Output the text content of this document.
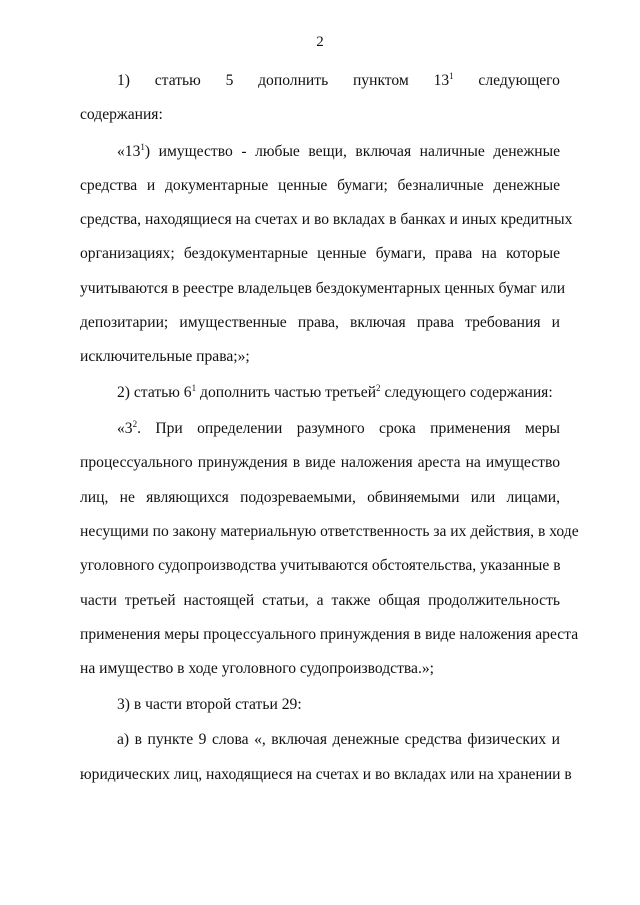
2
1) статью 5 дополнить пунктом $13^1$ следующего
содержания:
«$13^1$) имущество - любые вещи, включая наличные денежные
средства и документарные ценные бумаги; безналичные денежные
средства, находящиеся на счетах и во вкладах в банках и иных кредитных
организациях; бездокументарные ценные бумаги, права на которые
учитываются в реестре владельцев бездокументарных ценных бумаг или
депозитарии; имущественные права, включая права требования и
исключительные права;»;
2) статью $6^1$ дополнить частью третьей$^2$ следующего содержания:
«$3^2$. При определении разумного срока применения меры
процессуального принуждения в виде наложения ареста на имущество
лиц, не являющихся подозреваемыми, обвиняемыми или лицами,
несущими по закону материальную ответственность за их действия, в ходе
уголовного судопроизводства учитываются обстоятельства, указанные в
части третьей настоящей статьи, а также общая продолжительность
применения меры процессуального принуждения в виде наложения ареста
на имущество в ходе уголовного судопроизводства.»;
3) в части второй статьи 29:
а) в пункте 9 слова «, включая денежные средства физических и
юридических лиц, находящиеся на счетах и во вкладах или на хранении в
